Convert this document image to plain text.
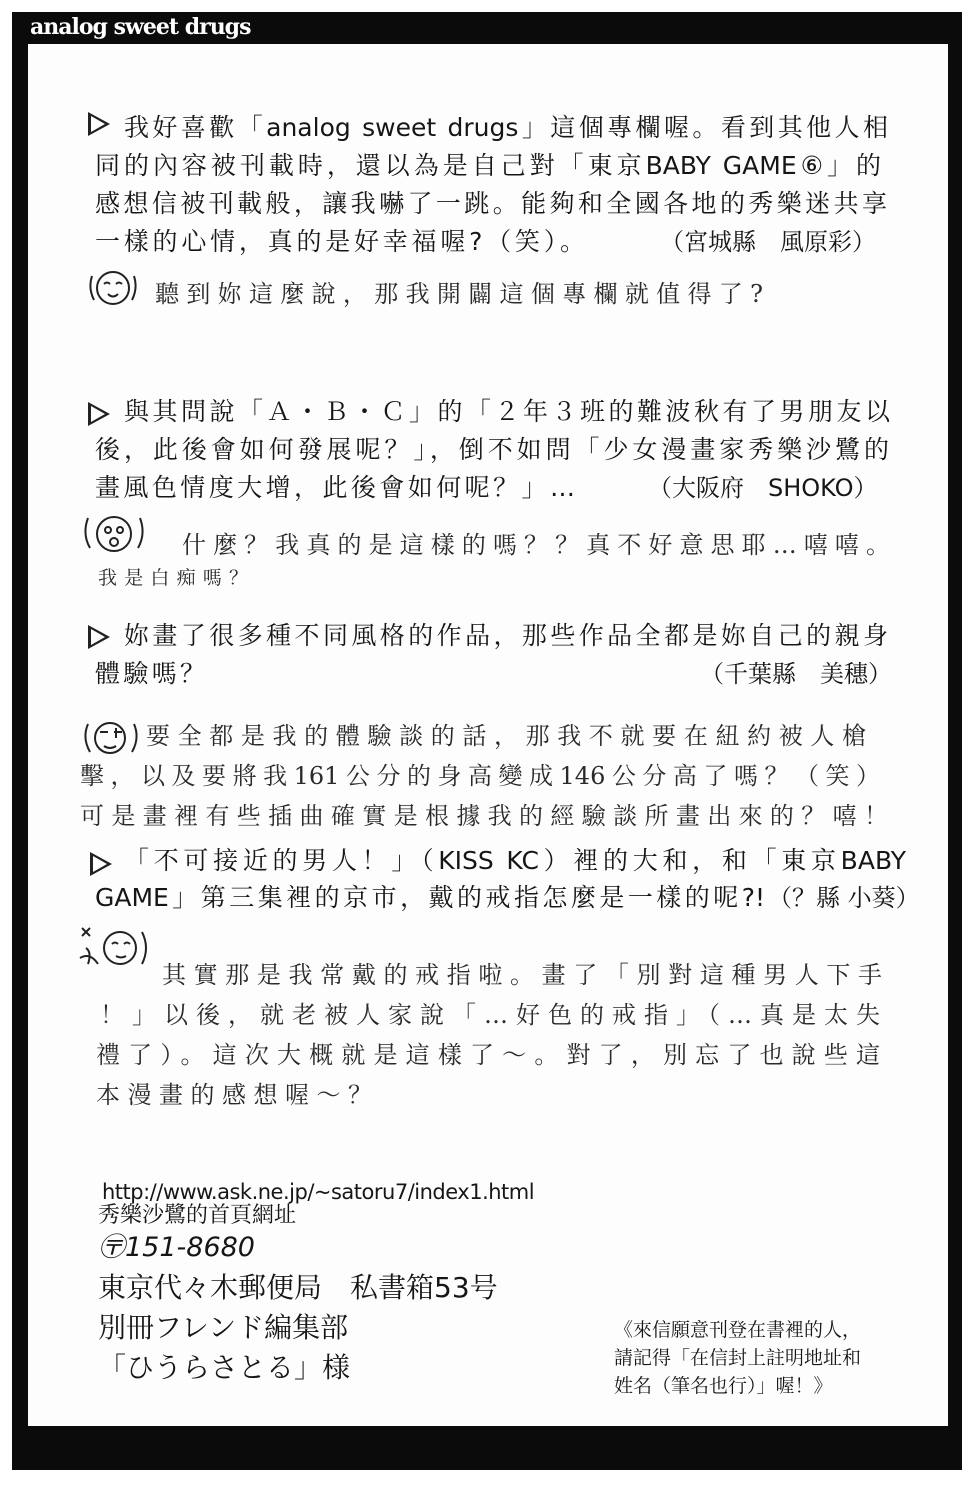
analog sweet drugs
我好喜歡「analog sweet drugs」這個專欄喔。看到其他人相
同的內容被刊載時，還以為是自己對「東京BABY GAME⑥」的
感想信被刊載般，讓我嚇了一跳。能夠和全國各地的秀樂迷共享
一樣的心情，真的是好幸福喔?（笑）。	（宮城縣　風原彩）
聽到妳這麼說，那我開闢這個專欄就值得了?
與其問說「Ａ・Ｂ・Ｃ」的「２年３班的難波秋有了男朋友以
後，此後會如何發展呢？」，倒不如問「少女漫畫家秀樂沙鷺的
畫風色情度大增，此後會如何呢？」…	（大阪府　SHOKO）
什麼？我真的是這樣的嗎？？真不好意思耶…嘻嘻。
我是白痴嗎？
妳畫了很多種不同風格的作品，那些作品全都是妳自己的親身
體驗嗎？	（千葉縣　美穗）
要全都是我的體驗談的話，那我不就要在紐約被人槍
擊，以及要將我161公分的身高變成146公分高了嗎？（笑）
可是畫裡有些插曲確實是根據我的經驗談所畫出來的？嘻！
「不可接近的男人！」（KISS KC）裡的大和，和「東京BABY
GAME」第三集裡的京市，戴的戒指怎麼是一樣的呢?! （？縣 小葵）
其實那是我常戴的戒指啦。畫了「別對這種男人下手
！」以後，就老被人家說「…好色的戒指」（…真是太失
禮了）。這次大概就是這樣了～。對了，別忘了也說些這
本漫畫的感想喔～？
http://www.ask.ne.jp/~satoru7/index1.html
秀樂沙鷺的首頁網址
〶151-8680
東京代々木郵便局　私書箱53号
別冊フレンド編集部
「ひうらさとる」様
《來信願意刊登在書裡的人，
請記得「在信封上註明地址和
姓名（筆名也行）」喔！》
